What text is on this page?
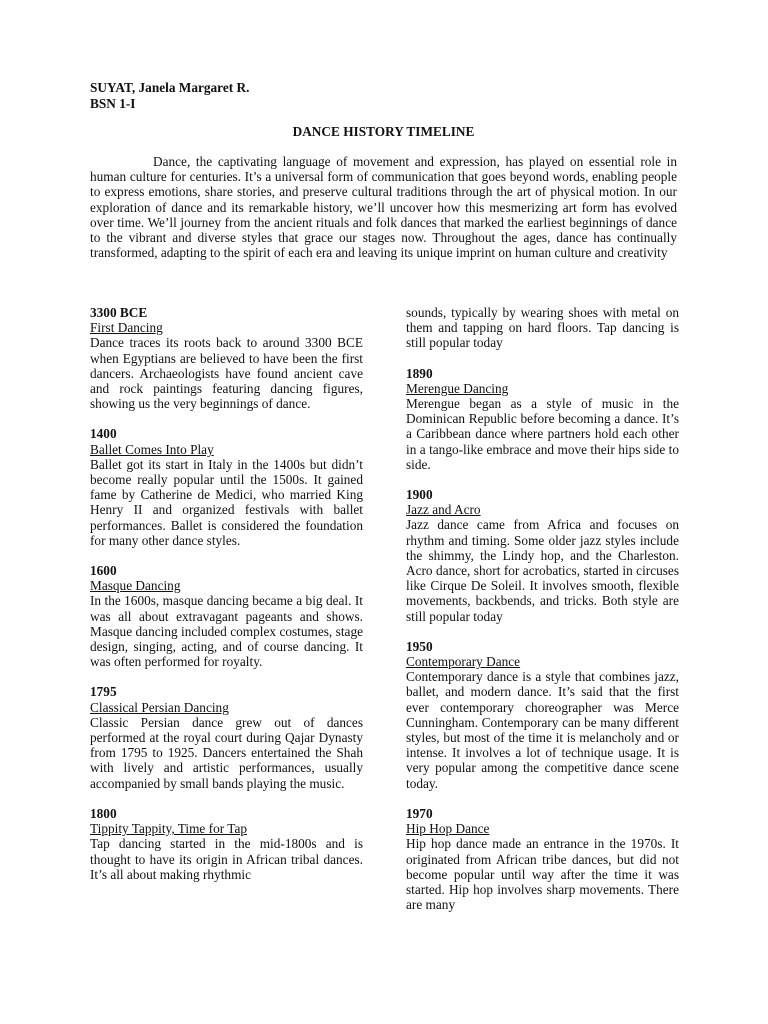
SUYAT, Janela Margaret R.
BSN 1-I
DANCE HISTORY TIMELINE

Dance, the captivating language of movement and expression, has played on essential role in human culture for centuries. It’s a universal form of communication that goes beyond words, enabling people to express emotions, share stories, and preserve cultural traditions through the art of physical motion. In our exploration of dance and its remarkable history, we’ll uncover how this mesmerizing art form has evolved over time. We’ll journey from the ancient rituals and folk dances that marked the earliest beginnings of dance to the vibrant and diverse styles that grace our stages now. Throughout the ages, dance has continually transformed, adapting to the spirit of each era and leaving its unique imprint on human culture and creativity

3300 BCE
First Dancing

Dance traces its roots back to around 3300 BCE when Egyptians are believed to have been the first dancers. Archaeologists have found ancient cave and rock paintings featuring dancing figures, showing us the very beginnings of dance.

1400
Ballet Comes Into Play

Ballet got its start in Italy in the 1400s but didn’t become really popular until the 1500s. It gained fame by Catherine de Medici, who married King Henry II and organized festivals with ballet performances. Ballet is considered the foundation for many other dance styles.

1600
Masque Dancing

In the 1600s, masque dancing became a big deal. It was all about extravagant pageants and shows. Masque dancing included complex costumes, stage design, singing, acting, and of course dancing. It was often performed for royalty.

1795
Classical Persian Dancing

Classic Persian dance grew out of dances performed at the royal court during Qajar Dynasty from 1795 to 1925. Dancers entertained the Shah with lively and artistic performances, usually accompanied by small bands playing the music.

1800
Tippity Tappity, Time for Tap

Tap dancing started in the mid-1800s and is thought to have its origin in African tribal dances. It’s all about making rhythmic

sounds, typically by wearing shoes with metal on them and tapping on hard floors. Tap dancing is still popular today

1890
Merengue Dancing

Merengue began as a style of music in the Dominican Republic before becoming a dance. It’s a Caribbean dance where partners hold each other in a tango-like embrace and move their hips side to side.

1900
Jazz and Acro

Jazz dance came from Africa and focuses on rhythm and timing. Some older jazz styles include the shimmy, the Lindy hop, and the Charleston. Acro dance, short for acrobatics, started in circuses like Cirque De Soleil. It involves smooth, flexible movements, backbends, and tricks. Both style are still popular today

1950
Contemporary Dance

Contemporary dance is a style that combines jazz, ballet, and modern dance. It’s said that the first ever contemporary choreographer was Merce Cunningham. Contemporary can be many different styles, but most of the time it is melancholy and or intense. It involves a lot of technique usage. It is very popular among the competitive dance scene today.

1970
Hip Hop Dance

Hip hop dance made an entrance in the 1970s. It originated from African tribe dances, but did not become popular until way after the time it was started. Hip hop involves sharp movements. There are many
